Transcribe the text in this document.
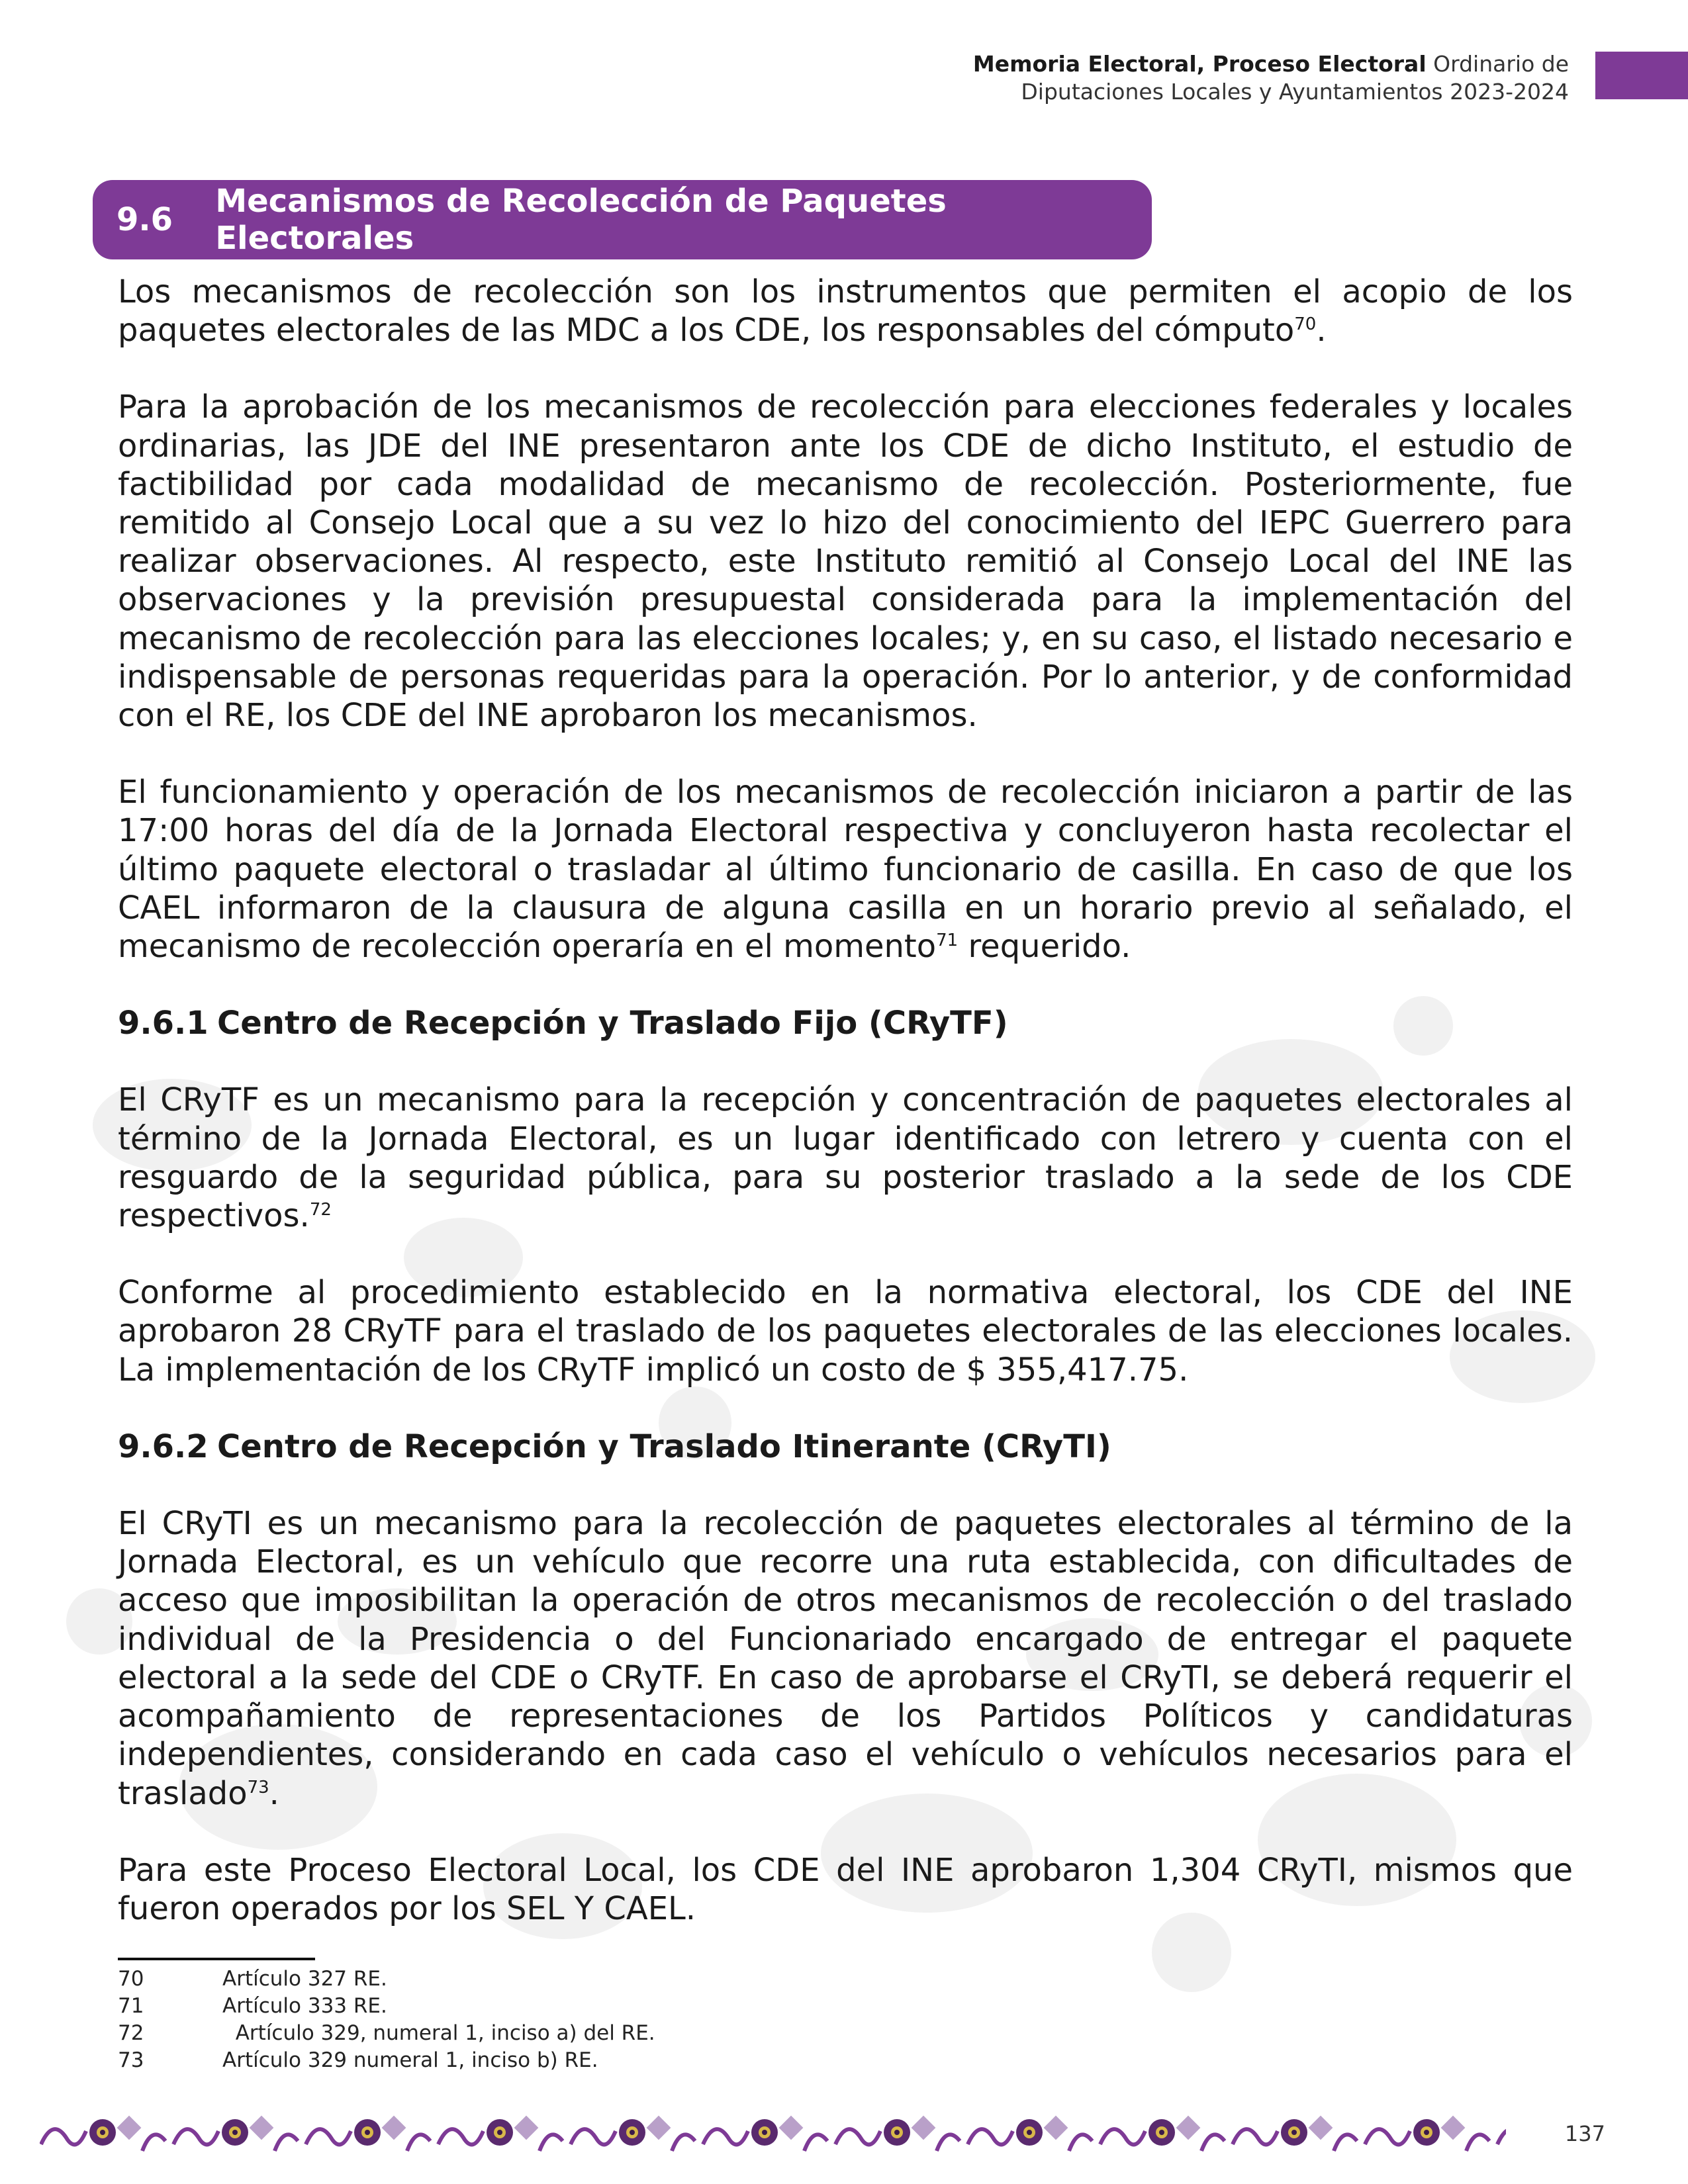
Memoria Electoral, Proceso Electoral Ordinario de
Diputaciones Locales y Ayuntamientos 2023-2024
9.6	Mecanismos de Recolección de Paquetes Electorales

Los mecanismos de recolección son los instrumentos que permiten el acopio de los paquetes electorales de las MDC a los CDE, los responsables del cómputo$^{70}$.

Para la aprobación de los mecanismos de recolección para elecciones federales y locales ordinarias, las JDE del INE presentaron ante los CDE de dicho Instituto, el estudio de factibilidad por cada modalidad de mecanismo de recolección. Posteriormente, fue remitido al Consejo Local que a su vez lo hizo del conocimiento del IEPC Guerrero para realizar observaciones. Al respecto, este Instituto remitió al Consejo Local del INE las observaciones y la previsión presupuestal considerada para la implementación del mecanismo de recolección para las elecciones locales; y, en su caso, el listado necesario e indispensable de personas requeridas para la operación. Por lo anterior, y de conformidad con el RE, los CDE del INE aprobaron los mecanismos.

El funcionamiento y operación de los mecanismos de recolección iniciaron a partir de las 17:00 horas del día de la Jornada Electoral respectiva y concluyeron hasta recolectar el último paquete electoral o trasladar al último funcionario de casilla. En caso de que los CAEL informaron de la clausura de alguna casilla en un horario previo al señalado, el mecanismo de recolección operaría en el momento$^{71}$ requerido.

9.6.1 Centro de Recepción y Traslado Fijo (CRyTF)

El CRyTF es un mecanismo para la recepción y concentración de paquetes electorales al término de la Jornada Electoral, es un lugar identificado con letrero y cuenta con el resguardo de la seguridad pública, para su posterior traslado a la sede de los CDE respectivos.$^{72}$

Conforme al procedimiento establecido en la normativa electoral, los CDE del INE aprobaron 28 CRyTF para el traslado de los paquetes electorales de las elecciones locales. La implementación de los CRyTF implicó un costo de $ 355,417.75.

9.6.2 Centro de Recepción y Traslado Itinerante (CRyTI)

El CRyTI es un mecanismo para la recolección de paquetes electorales al término de la Jornada Electoral, es un vehículo que recorre una ruta establecida, con dificultades de acceso que imposibilitan la operación de otros mecanismos de recolección o del traslado individual de la Presidencia o del Funcionariado encargado de entregar el paquete electoral a la sede del CDE o CRyTF. En caso de aprobarse el CRyTI, se deberá requerir el acompañamiento de representaciones de los Partidos Políticos y candidaturas independientes, considerando en cada caso el vehículo o vehículos necesarios para el traslado$^{73}$.

Para este Proceso Electoral Local, los CDE del INE aprobaron 1,304 CRyTI, mismos que fueron operados por los SEL Y CAEL.

70	Artículo 327 RE.
71	Artículo 333 RE.
72	Artículo 329, numeral 1, inciso a) del RE.
73	Artículo 329 numeral 1, inciso b) RE.
137
